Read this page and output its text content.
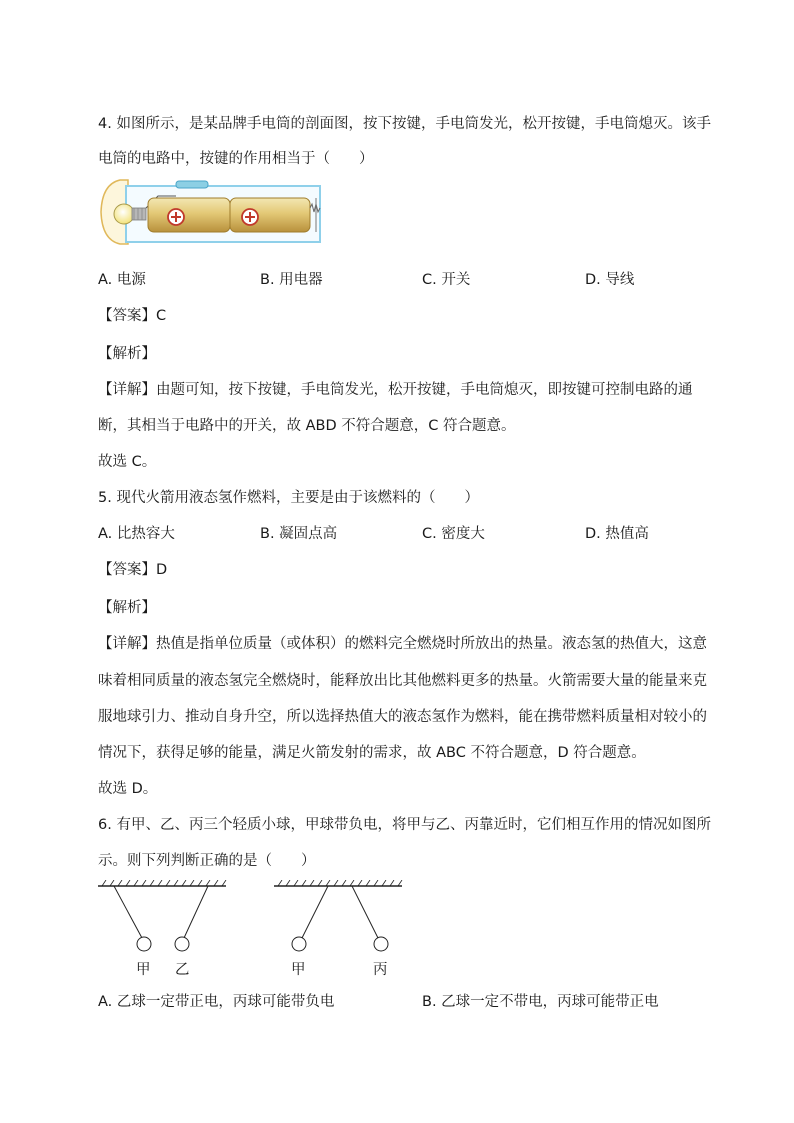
4. 如图所示，是某品牌手电筒的剖面图，按下按键，手电筒发光，松开按键，手电筒熄灭。该手
电筒的电路中，按键的作用相当于（　　）
A. 电源	B. 用电器	C. 开关	D. 导线
【答案】C
【解析】
【详解】由题可知，按下按键，手电筒发光，松开按键，手电筒熄灭，即按键可控制电路的通
断，其相当于电路中的开关，故 ABD 不符合题意，C 符合题意。
故选 C。
5. 现代火箭用液态氢作燃料，主要是由于该燃料的（　　）
A. 比热容大	B. 凝固点高	C. 密度大	D. 热值高
【答案】D
【解析】
【详解】热值是指单位质量（或体积）的燃料完全燃烧时所放出的热量。液态氢的热值大，这意
味着相同质量的液态氢完全燃烧时，能释放出比其他燃料更多的热量。火箭需要大量的能量来克
服地球引力、推动自身升空，所以选择热值大的液态氢作为燃料，能在携带燃料质量相对较小的
情况下，获得足够的能量，满足火箭发射的需求，故 ABC 不符合题意，D 符合题意。
故选 D。
6. 有甲、乙、丙三个轻质小球，甲球带负电，将甲与乙、丙靠近时，它们相互作用的情况如图所
示。则下列判断正确的是（　　）
甲 乙	甲	丙
A. 乙球一定带正电，丙球可能带负电	B. 乙球一定不带电，丙球可能带正电
